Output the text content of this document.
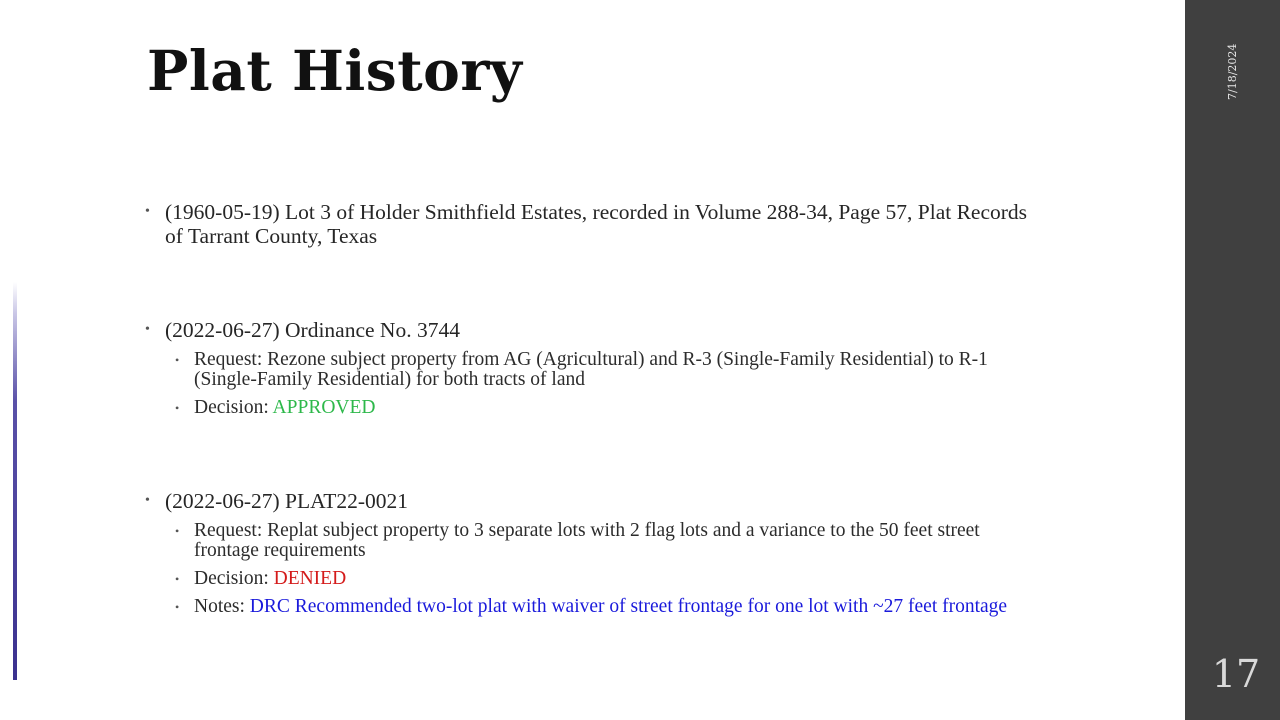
Plat History	7/18/2024
17
• (1960-05-19) Lot 3 of Holder Smithfield Estates, recorded in Volume 288-34, Page 57, Plat Records of Tarrant County, Texas
• (2022-06-27) Ordinance No. 3744
• Request: Rezone subject property from AG (Agricultural) and R-3 (Single-Family Residential) to R-1 (Single-Family Residential) for both tracts of land
• Decision: APPROVED
• (2022-06-27) PLAT22-0021
• Request: Replat subject property to 3 separate lots with 2 flag lots and a variance to the 50 feet street frontage requirements
• Decision: DENIED
• Notes: DRC Recommended two-lot plat with waiver of street frontage for one lot with ~27 feet frontage
